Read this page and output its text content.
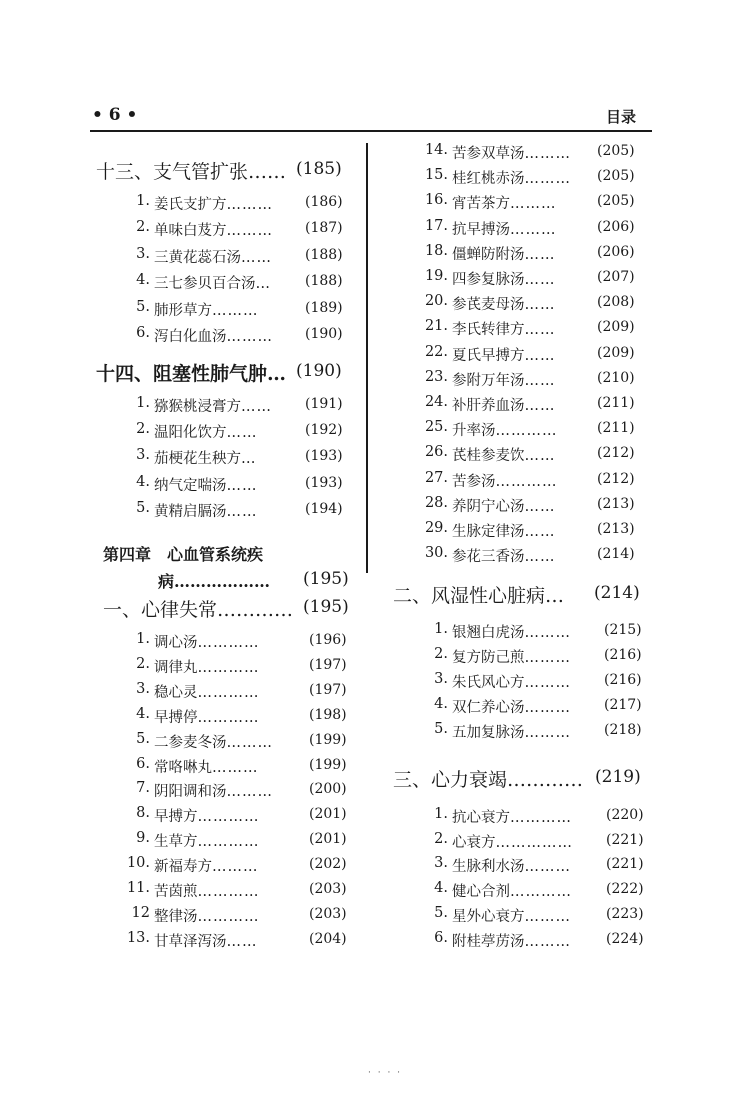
• 6 •	目录
十三、支气管扩张…… (185)
1. 姜氏支扩方……… (186)
2. 单味白芨方……… (187)
3. 三黄花蕊石汤…… (188)
4. 三七参贝百合汤… (188)
5. 肺形草方………	(189)
6. 泻白化血汤……… (190)
十四、阻塞性肺气肿… (190)
1. 猕猴桃浸膏方…… (191)
2. 温阳化饮方……	(192)
3. 茄梗花生秧方…	(193)
4. 纳气定喘汤……	(193)
5. 黄精启膈汤……	(194)
第四章　心血管系统疾
病……………… (195)
一、心律失常………… (195)
1. 调心汤…………	(196)
2. 调律丸…………	(197)
3. 稳心灵…………	(197)
4. 早搏停…………	(198)
5. 二参麦冬汤………	(199)
6. 常咯啉丸………	(199)
7. 阴阳调和汤………	(200)
8. 早搏方…………	(201)
9. 生草方…………	(201)
10. 新福寿方………	(202)
11. 苦茵煎…………	(203)
12 整律汤…………	(203)
13. 甘草泽泻汤……	(204)
14. 苦参双草汤……… (205)
15. 桂红桃赤汤……… (205)
16. 宵苦茶方………	(205)
17. 抗早搏汤………	(206)
18. 僵蝉防附汤……	(206)
19. 四参复脉汤……	(207)
20. 参芪麦母汤……	(208)
21. 李氏转律方……	(209)
22. 夏氏早搏方……	(209)
23. 参附万年汤……	(210)
24. 补肝养血汤……	(211)
25. 升率汤…………	(211)
26. 芪桂参麦饮……	(212)
27. 苦参汤…………	(212)
28. 养阴宁心汤……	(213)
29. 生脉定律汤……	(213)
30. 参花三香汤……	(214)
二、风湿性心脏病… (214)
1. 银翘白虎汤……… (215)
2. 复方防己煎……… (216)
3. 朱氏风心方……… (216)
4. 双仁养心汤……… (217)
5. 五加复脉汤……… (218)
三、心力衰竭………… (219)
1. 抗心衰方………… (220)
2. 心衰方…………… (221)
3. 生脉利水汤………	(221)
4. 健心合剂………… (222)
5. 星外心衰方………	(223)
6. 附桂葶苈汤………	(224)
· · · ·
